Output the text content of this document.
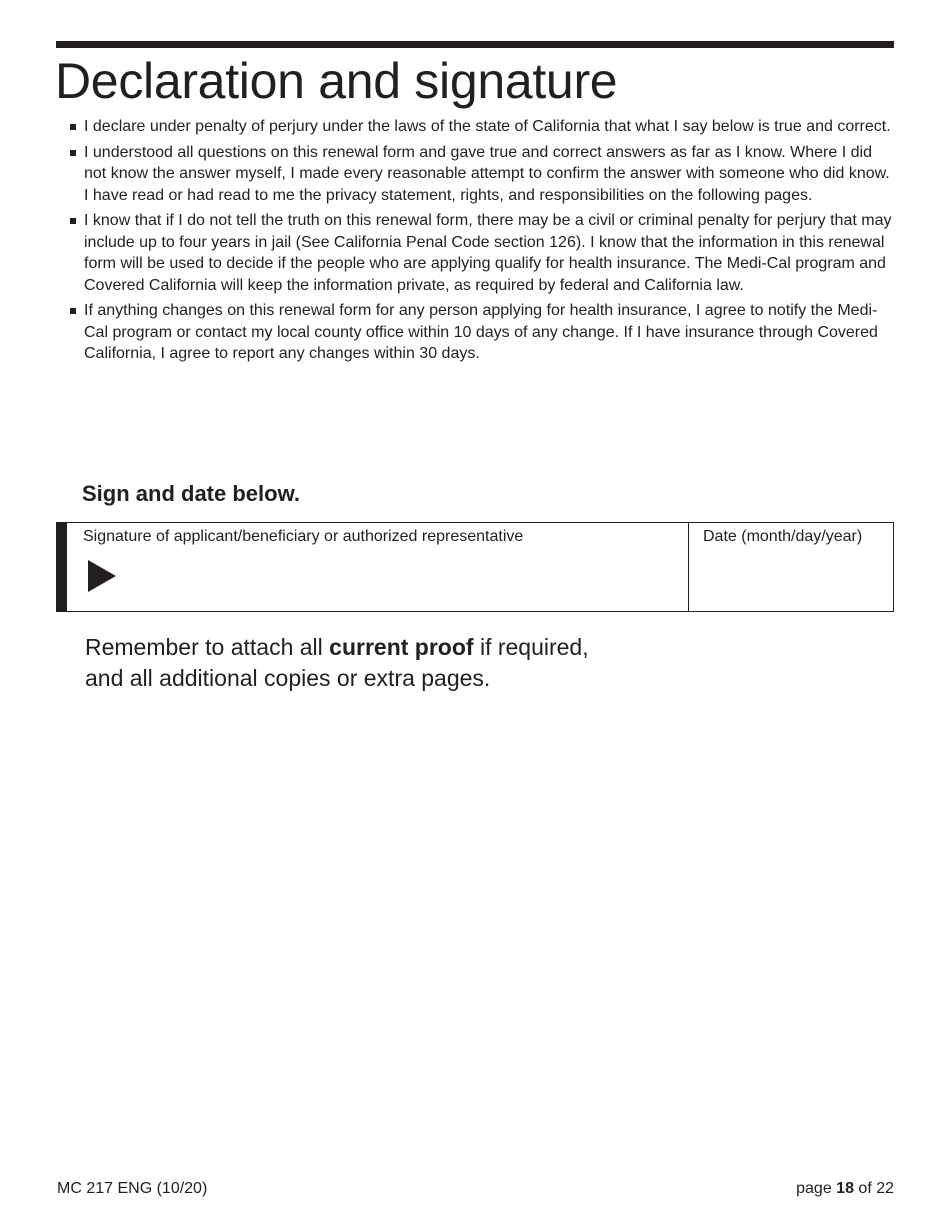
Declaration and signature
I declare under penalty of perjury under the laws of the state of California that what I say below is true and correct.
I understood all questions on this renewal form and gave true and correct answers as far as I know. Where I did not know the answer myself, I made every reasonable attempt to confirm the answer with someone who did know. I have read or had read to me the privacy statement, rights, and responsibilities on the following pages.
I know that if I do not tell the truth on this renewal form, there may be a civil or criminal penalty for perjury that may include up to four years in jail (See California Penal Code section 126). I know that the information in this renewal form will be used to decide if the people who are applying qualify for health insurance. The Medi-Cal program and Covered California will keep the information private, as required by federal and California law.
If anything changes on this renewal form for any person applying for health insurance, I agree to notify the Medi-Cal program or contact my local county office within 10 days of any change. If I have insurance through Covered California, I agree to report any changes within 30 days.
Sign and date below.
Signature of applicant/beneficiary or authorized representative	Date (month/day/year)

Remember to attach all current proof if required,
and all additional copies or extra pages.

MC 217 ENG (10/20)	page 18 of 22
